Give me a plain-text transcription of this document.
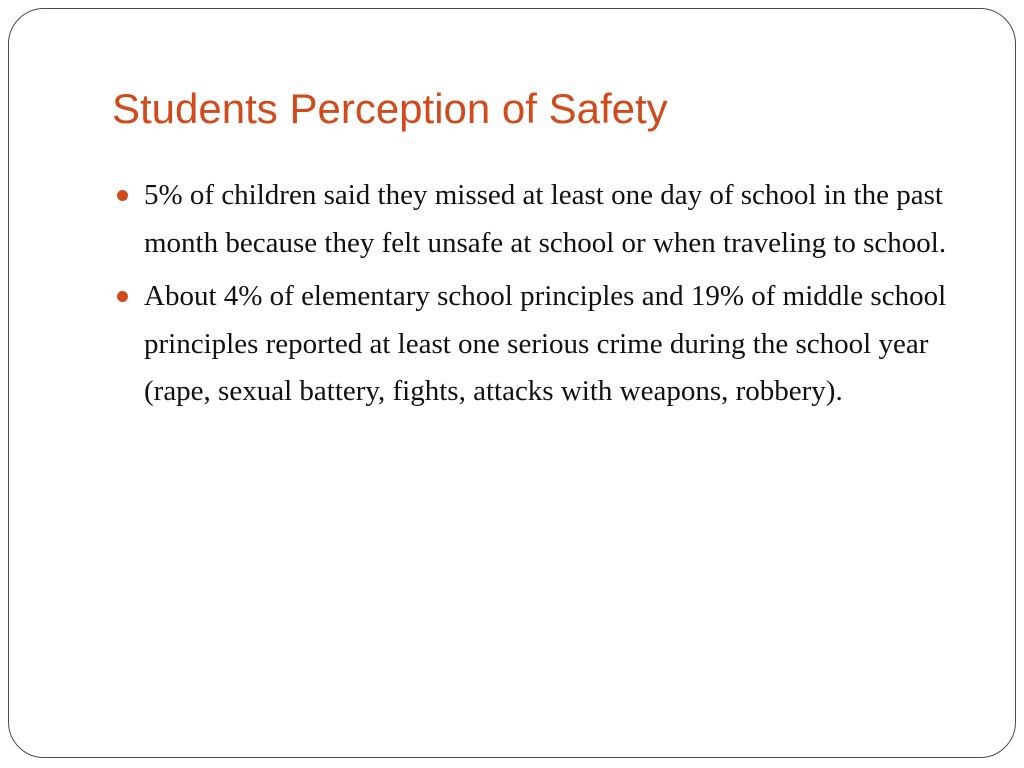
Students Perception of Safety
5% of children said they missed at least one day of school in the past month because they felt unsafe at school or when traveling to school.
About 4% of elementary school principles and 19% of middle school principles reported at least one serious crime during the school year (rape, sexual battery, fights, attacks with weapons, robbery).
